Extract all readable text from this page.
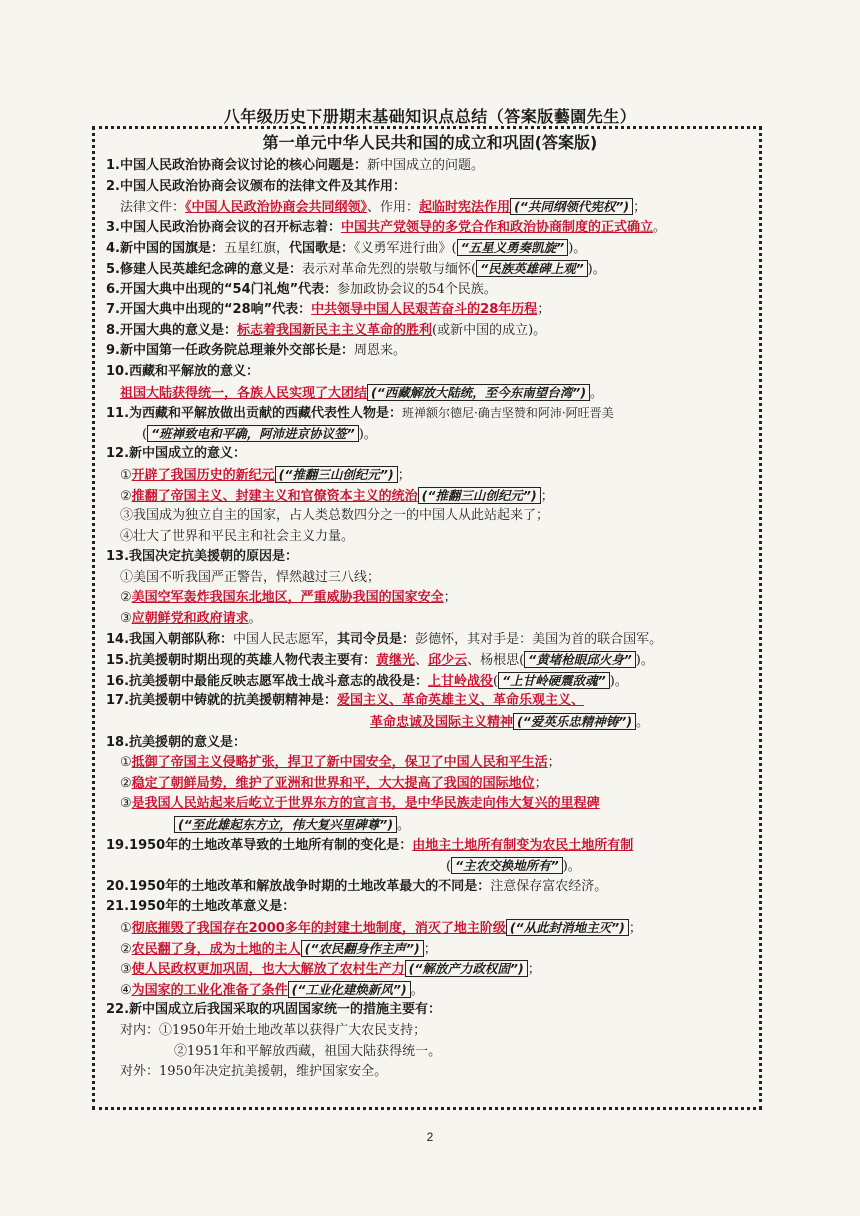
八年级历史下册期末基础知识点总结（答案版藝園先生）
第一单元中华人民共和国的成立和巩固(答案版)
1.中国人民政治协商会议讨论的核心问题是：新中国成立的问题。
2.中国人民政治协商会议颁布的法律文件及其作用：
法律文件：《中国人民政治协商会共同纲领》、作用：起临时宪法作用 (“共同纲领代宪权”) ；
3.中国人民政治协商会议的召开标志着：中国共产党领导的多党合作和政治协商制度的正式确立。
4.新中国的国旗是：五星红旗，代国歌是：《义勇军进行曲》( “五星义勇奏凯旋” )。
5.修建人民英雄纪念碑的意义是：表示对革命先烈的崇敬与缅怀( “民族英雄碑上观” )。
6.开国大典中出现的“54门礼炮”代表：参加政协会议的54个民族。
7.开国大典中出现的“28响”代表：中共领导中国人民艰苦奋斗的28年历程；
8.开国大典的意义是：标志着我国新民主主义革命的胜利(或新中国的成立)。
9.新中国第一任政务院总理兼外交部长是：周恩来。
10.西藏和平解放的意义：
祖国大陆获得统一，各族人民实现了大团结 (“西藏解放大陆统，至今东南望台湾”) 。
11.为西藏和平解放做出贡献的西藏代表性人物是：班禅额尔德尼·确吉坚赞和阿沛·阿旺晋美
( “班禅致电和平确，阿沛进京协议签” )。
12.新中国成立的意义：
①开辟了我国历史的新纪元 (“推翻三山创纪元”) ；
②推翻了帝国主义、封建主义和官僚资本主义的统治 (“推翻三山创纪元”) ；
③我国成为独立自主的国家，占人类总数四分之一的中国人从此站起来了；
④壮大了世界和平民主和社会主义力量。
13.我国决定抗美援朝的原因是：
①美国不听我国严正警告，悍然越过三八线；
②美国空军轰炸我国东北地区，严重威胁我国的国家安全；
③应朝鲜党和政府请求。
14.我国入朝部队称：中国人民志愿军，其司令员是：彭德怀，其对手是：美国为首的联合国军。
15.抗美援朝时期出现的英雄人物代表主要有：黄继光、邱少云、杨根思( “黄堵枪眼邱火身” )。
16.抗美援朝中最能反映志愿军战士战斗意志的战役是：上甘岭战役( “上甘岭硬震敌魂” )。
17.抗美援朝中铸就的抗美援朝精神是：爱国主义、革命英雄主义、革命乐观主义、
革命忠诚及国际主义精神 (“爱英乐忠精神铸”) 。
18.抗美援朝的意义是：
①抵御了帝国主义侵略扩张，捍卫了新中国安全，保卫了中国人民和平生活；
②稳定了朝鲜局势，维护了亚洲和世界和平，大大提高了我国的国际地位；
③是我国人民站起来后屹立于世界东方的宣言书，是中华民族走向伟大复兴的里程碑
(“至此雄起东方立，伟大复兴里碑尊”) 。
19.1950年的土地改革导致的土地所有制的变化是：由地主土地所有制变为农民土地所有制
( “主农交换地所有” )。
20.1950年的土地改革和解放战争时期的土地改革最大的不同是：注意保存富农经济。
21.1950年的土地改革意义是：
①彻底摧毁了我国存在2000多年的封建土地制度，消灭了地主阶级 (“从此封消地主灭”) ；
②农民翻了身，成为土地的主人 (“农民翻身作主声”) ；
③使人民政权更加巩固，也大大解放了农村生产力 (“解放产力政权固”) ；
④为国家的工业化准备了条件 (“工业化建焕新风”) 。
22.新中国成立后我国采取的巩固国家统一的措施主要有：
对内：①1950年开始土地改革以获得广大农民支持；
②1951年和平解放西藏，祖国大陆获得统一。
对外：1950年决定抗美援朝，维护国家安全。
2
